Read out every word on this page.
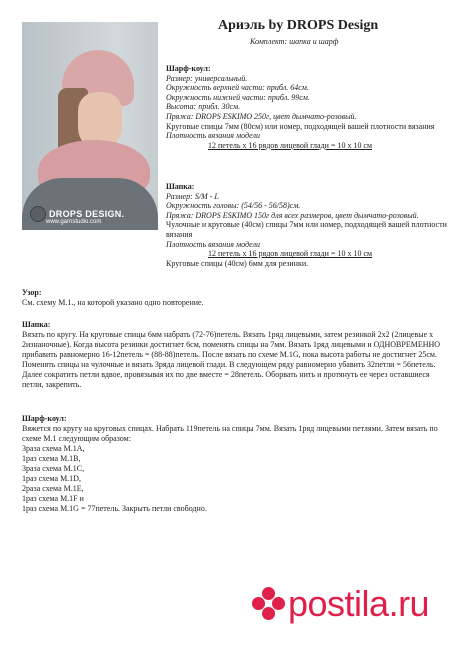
DROPS DESIGN.
www.garnstudio.com
Ариэль by DROPS Design
Комплект: шапка и шарф
Шарф-коул:
Размер: универсальный.
Окружность верхней части: прибл. 64см.
Окружность нижней части: прибл. 99см.
Высота: прибл. 30см.
Пряжа: DROPS ESKIMO 250г, цвет дымчато-розовый.
Круговые спицы 7мм (80см) или номер, подходящей вашей плотности вязания
Плотность вязания модели
12 петель х 16 рядов лицевой глади = 10 х 10 см
Шапка:
Размер: S/M - L
Окружность головы: (54/56 - 56/58)см.
Пряжа: DROPS ESKIMO 150г для всех размеров, цвет дымчато-розовый.
Чулочные и круговые (40см) спицы 7мм или номер, подходящей вашей плотности вязания
Плотность вязания модели
12 петель х 16 рядов лицевой глади = 10 х 10 см
Круговые спицы (40см) 6мм для резинки.
Узор:
См. схему М.1., на которой указано одно повторение.
Шапка:
Вязать по кругу. На круговые спицы 6мм набрать (72-76)петель. Вязать 1ряд лицевыми, затем резинкой 2х2 (2лицевые х 2изнаночные). Когда высота резинки достигнет 6см, поменять спицы на 7мм. Вязать 1ряд лицевыми и ОДНОВРЕМЕННО прибавить равномерно 16-12петель = (88-88)петель. После вязать по схеме М.1G, пока высота работы не достигнет 25см. Поменять спицы на чулочные и вязать 3ряда лицевой глади. В следующем ряду равномерно убавить 32петли = 56петель. Далее сократить петли вдвое, провязывая их по две вместе = 28петель. Оборвать нить и протянуть ее через оставшиеся петли, закрепить.
Шарф-коул:
Вяжется по кругу на круговых спицах. Набрать 119петель на спицы 7мм. Вязать 1ряд лицевыми петлями. Затем вязать по схеме М.1 следующим образом:
3раза схема М.1А,
1раз схема М.1В,
3раза схема М.1С,
1раз схема М.1D,
2раза схема М.1Е,
1раз схема М.1F и
1раз схема М.1G = 77петель. Закрыть петли свободно.
postila.ru
